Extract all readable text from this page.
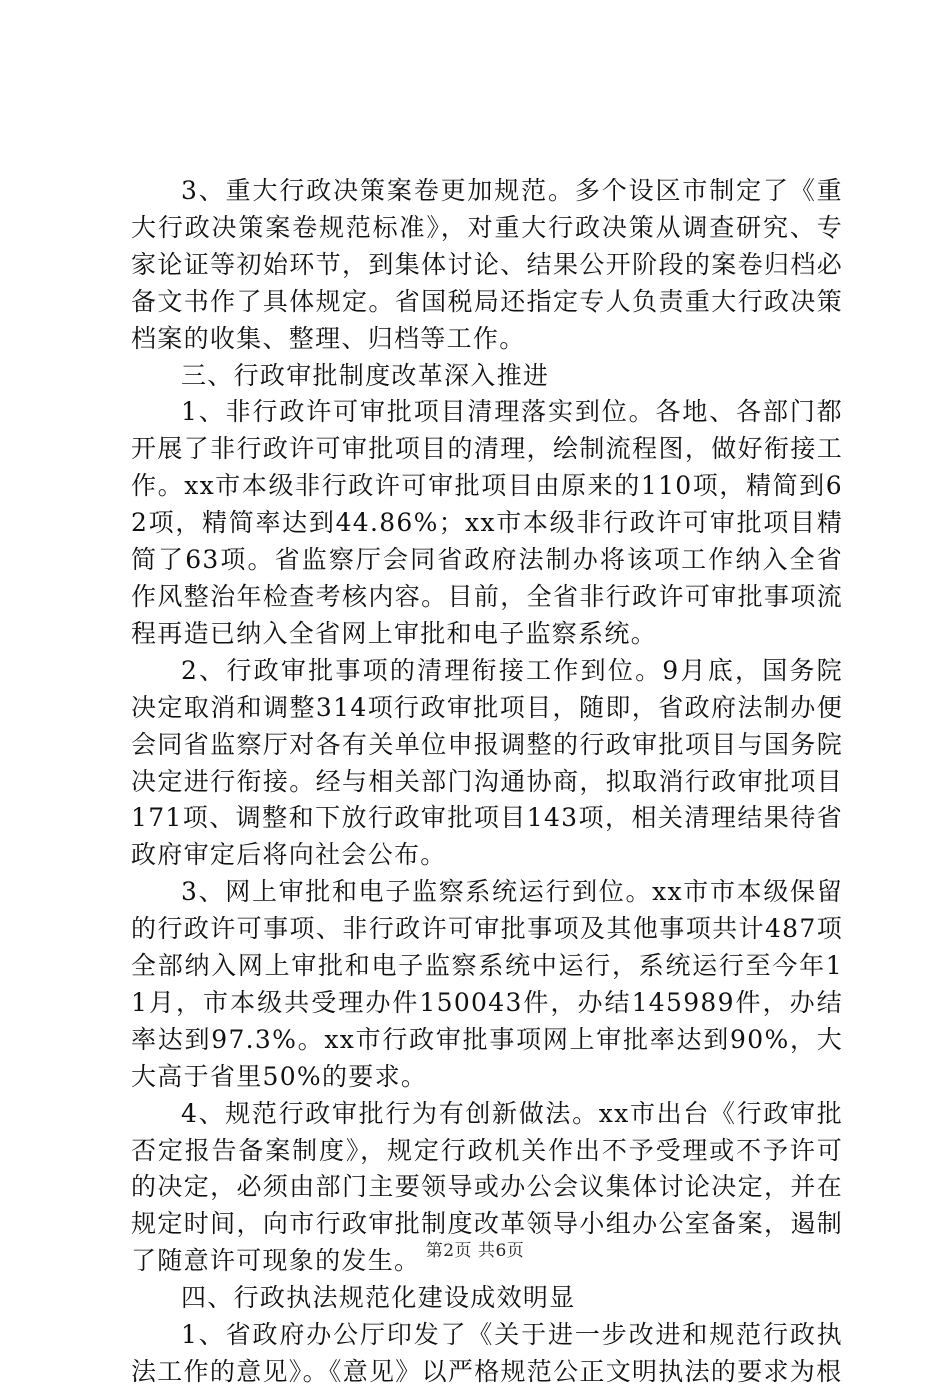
3、重大行政决策案卷更加规范。多个设区市制定了《重大行政决策案卷规范标准》，对重大行政决策从调查研究、专家论证等初始环节，到集体讨论、结果公开阶段的案卷归档必备文书作了具体规定。省国税局还指定专人负责重大行政决策档案的收集、整理、归档等工作。

三、行政审批制度改革深入推进

1、非行政许可审批项目清理落实到位。各地、各部门都开展了非行政许可审批项目的清理，绘制流程图，做好衔接工作。xx市本级非行政许可审批项目由原来的110项，精简到62项，精简率达到44.86%；xx市本级非行政许可审批项目精简了63项。省监察厅会同省政府法制办将该项工作纳入全省作风整治年检查考核内容。目前，全省非行政许可审批事项流程再造已纳入全省网上审批和电子监察系统。

2、行政审批事项的清理衔接工作到位。9月底，国务院决定取消和调整314项行政审批项目，随即，省政府法制办便会同省监察厅对各有关单位申报调整的行政审批项目与国务院决定进行衔接。经与相关部门沟通协商，拟取消行政审批项目171项、调整和下放行政审批项目143项，相关清理结果待省政府审定后将向社会公布。

3、网上审批和电子监察系统运行到位。xx市市本级保留的行政许可事项、非行政许可审批事项及其他事项共计487项全部纳入网上审批和电子监察系统中运行，系统运行至今年11月，市本级共受理办件150043件，办结145989件，办结率达到97.3%。xx市行政审批事项网上审批率达到90%，大大高于省里50%的要求。

4、规范行政审批行为有创新做法。xx市出台《行政审批否定报告备案制度》，规定行政机关作出不予受理或不予许可的决定，必须由部门主要领导或办公会议集体讨论决定，并在规定时间，向市行政审批制度改革领导小组办公室备案，遏制了随意许可现象的发生。

四、行政执法规范化建设成效明显

1、省政府办公厅印发了《关于进一步改进和规范行政执法工作的意见》。《意见》以严格规范公正文明执法的要求为根

第2页 共6页
